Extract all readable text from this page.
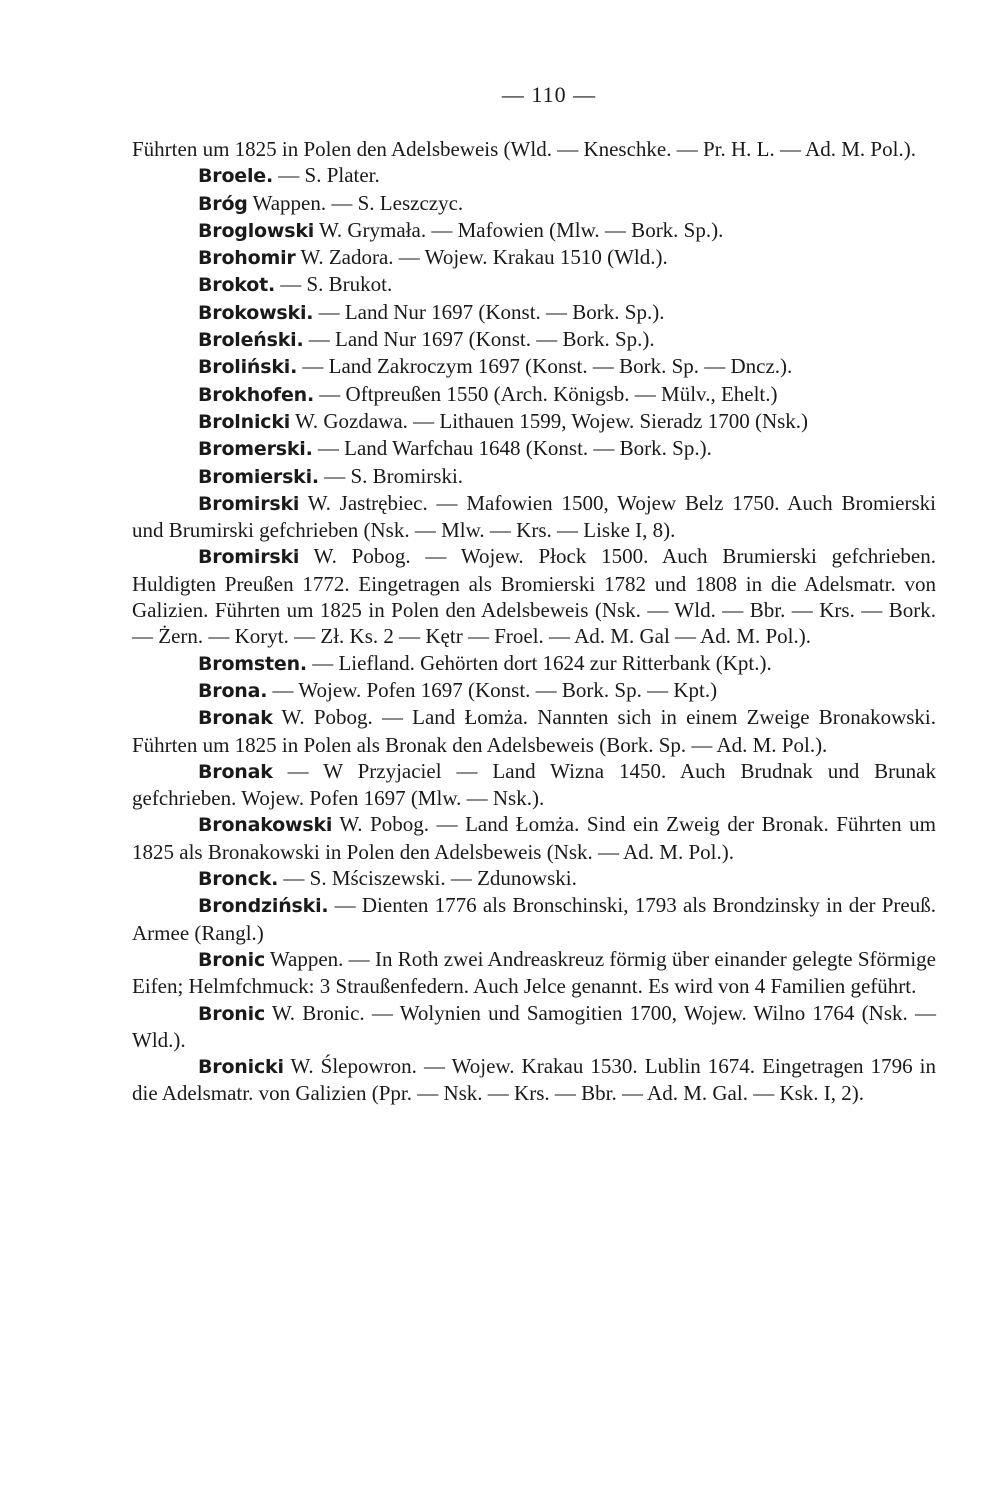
— 110 —

Führten um 1825 in Polen den Adelsbeweis (Wld. — Kneschke. — Pr. H. L. — Ad. M. Pol.).

Broele. — S. Plater.

Bróg Wappen. — S. Leszczyc.

Broglowski W. Grymała. — Mafowien (Mlw. — Bork. Sp.).

Brohomir W. Zadora. — Wojew. Krakau 1510 (Wld.).

Brokot. — S. Brukot.

Brokowski. — Land Nur 1697 (Konst. — Bork. Sp.).

Broleński. — Land Nur 1697 (Konst. — Bork. Sp.).

Broliński. — Land Zakroczym 1697 (Konst. — Bork. Sp. — Dncz.).

Brokhofen. — Oftpreußen 1550 (Arch. Königsb. — Mülv., Ehelt.)

Brolnicki W. Gozdawa. — Lithauen 1599, Wojew. Sieradz 1700 (Nsk.)

Bromerski. — Land Warfchau 1648 (Konst. — Bork. Sp.).

Bromierski. — S. Bromirski.

Bromirski W. Jastrębiec. — Mafowien 1500, Wojew Belz 1750. Auch Bromierski und Brumirski gefchrieben (Nsk. — Mlw. — Krs. — Liske I, 8).

Bromirski W. Pobog. — Wojew. Płock 1500. Auch Brumierski gefchrieben. Huldigten Preußen 1772. Eingetragen als Bromierski 1782 und 1808 in die Adelsmatr. von Galizien. Führten um 1825 in Polen den Adelsbeweis (Nsk. — Wld. — Bbr. — Krs. — Bork. — Żern. — Koryt. — Zł. Ks. 2 — Kętr — Froel. — Ad. M. Gal — Ad. M. Pol.).

Bromsten. — Liefland. Gehörten dort 1624 zur Ritterbank (Kpt.).

Brona. — Wojew. Pofen 1697 (Konst. — Bork. Sp. — Kpt.)

Bronak W. Pobog. — Land Łomża. Nannten sich in einem Zweige Bronakowski. Führten um 1825 in Polen als Bronak den Adelsbeweis (Bork. Sp. — Ad. M. Pol.).

Bronak — W Przyjaciel — Land Wizna 1450. Auch Brudnak und Brunak gefchrieben. Wojew. Pofen 1697 (Mlw. — Nsk.).

Bronakowski W. Pobog. — Land Łomża. Sind ein Zweig der Bronak. Führten um 1825 als Bronakowski in Polen den Adelsbeweis (Nsk. — Ad. M. Pol.).

Bronck. — S. Mściszewski. — Zdunowski.

Brondziński. — Dienten 1776 als Bronschinski, 1793 als Brondzinsky in der Preuß. Armee (Rangl.)

Bronic Wappen. — In Roth zwei Andreaskreuz förmig über einander gelegte Sförmige Eifen; Helmfchmuck: 3 Straußenfedern. Auch Jelce genannt. Es wird von 4 Familien geführt.

Bronic W. Bronic. — Wolynien und Samogitien 1700, Wojew. Wilno 1764 (Nsk. — Wld.).

Bronicki W. Ślepowron. — Wojew. Krakau 1530. Lublin 1674. Eingetragen 1796 in die Adelsmatr. von Galizien (Ppr. — Nsk. — Krs. — Bbr. — Ad. M. Gal. — Ksk. I, 2).
